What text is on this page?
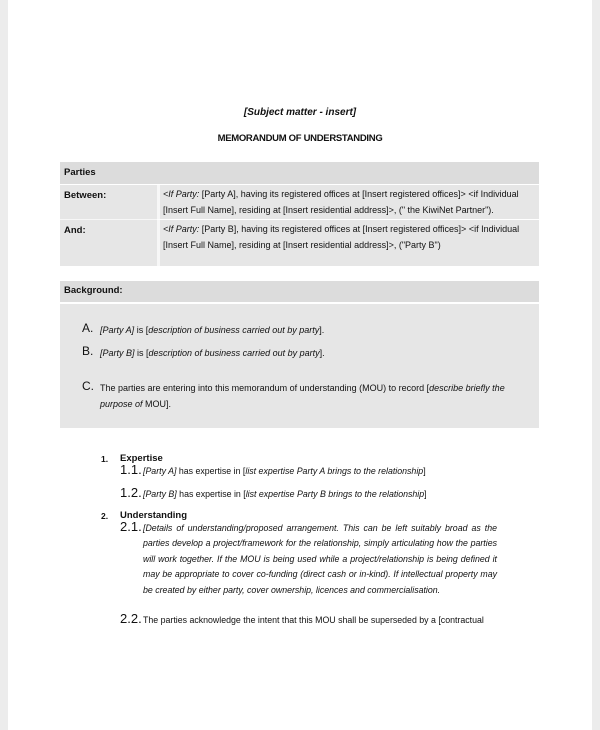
[Subject matter - insert]
MEMORANDUM OF UNDERSTANDING
Parties
Between:	<If Party: [Party A], having its registered offices at [Insert registered offices]> <if Individual [Insert Full Name], residing at [Insert residential address]>, (" the KiwiNet Partner").
And:	<If Party: [Party B], having its registered offices at [Insert registered offices]> <if Individual [Insert Full Name], residing at [Insert residential address]>, ("Party B")
Background:
A. [Party A] is [description of business carried out by party].
B. [Party B] is [description of business carried out by party].
C. The parties are entering into this memorandum of understanding (MOU) to record [describe briefly the purpose of MOU].
1. Expertise
1.1. [Party A] has expertise in [list expertise Party A brings to the relationship]
1.2. [Party B] has expertise in [list expertise Party B brings to the relationship]
2. Understanding
2.1. [Details of understanding/proposed arrangement. This can be left suitably broad as the parties develop a project/framework for the relationship, simply articulating how the parties will work together. If the MOU is being used while a project/relationship is being defined it may be appropriate to cover co-funding (direct cash or in-kind). If intellectual property may be created by either party, cover ownership, licences and commercialisation.
2.2. The parties acknowledge the intent that this MOU shall be superseded by a [contractual
